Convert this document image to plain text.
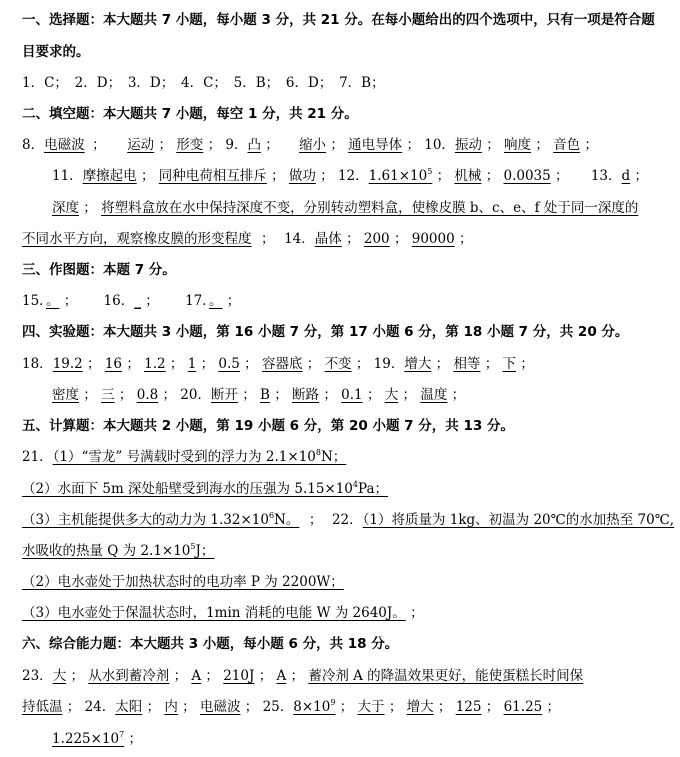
一、选择题：本大题共 7 小题，每小题 3 分，共 21 分。在每小题给出的四个选项中，只有一项是符合题
目要求的。
1．C；　2．D；　3．D；　4．C；　5．B；　6．D；　7．B；
二、填空题：本大题共 7 小题，每空 1 分，共 21 分。
8．电磁波 ； 运动 ； 形变 ； 9．凸 ； 缩小 ； 通电导体 ； 10．振动 ； 响度 ； 音色 ；
11．摩擦起电 ； 同种电荷相互排斥 ； 做功 ； 12．$1.61\times 10^5$ ； 机械 ； 0.0035 ； 13．d ；
深度 ； 将塑料盒放在水中保持深度不变，分别转动塑料盒，使橡皮膜 b、c、e、f 处于同一深度的
不同水平方向，观察橡皮膜的形变程度 ； 14．晶体 ； 200 ； 90000 ；
三、作图题：本题 7 分。
15．。 ； 16．_ ； 17．。 ；
四、实验题：本大题共 3 小题，第 16 小题 7 分，第 17 小题 6 分，第 18 小题 7 分，共 20 分。
18．19.2 ； 16 ； 1.2 ； 1 ； 0.5 ； 容器底 ； 不变 ； 19．增大 ； 相等 ； 下 ；
密度 ； 三 ； 0.8 ； 20．断开 ； B ； 断路 ； 0.1 ； 大 ； 温度 ；
五、计算题：本大题共 2 小题，第 19 小题 6 分，第 20 小题 7 分，共 13 分。
21．（1）“雪龙” 号满载时受到的浮力为 $2.1\times 10^8N$；
（2）水面下 5m 深处船壁受到海水的压强为 $5.15\times 10^4Pa$；
（3）主机能提供多大的动力为 $1.32\times 10^6N$。 ； 22．（1）将质量为 1kg、初温为 20℃的水加热至 70℃,
水吸收的热量 Q 为 $2.1\times 10^5J$；
（2）电水壶处于加热状态时的电功率 P 为 2200W；
（3）电水壶处于保温状态时，1min 消耗的电能 W 为 2640J。 ；
六、综合能力题：本大题共 3 小题，每小题 6 分，共 18 分。
23．大 ； 从水到蓄冷剂 ； A ； 210J ； A ； 蓄冷剂 A 的降温效果更好，能使蛋糕长时间保
持低温 ； 24．太阳 ； 内 ； 电磁波 ； 25．$8\times 10^9$ ； 大于 ； 增大 ； 125 ； 61.25 ；
$1.225\times 10^7$ ；
